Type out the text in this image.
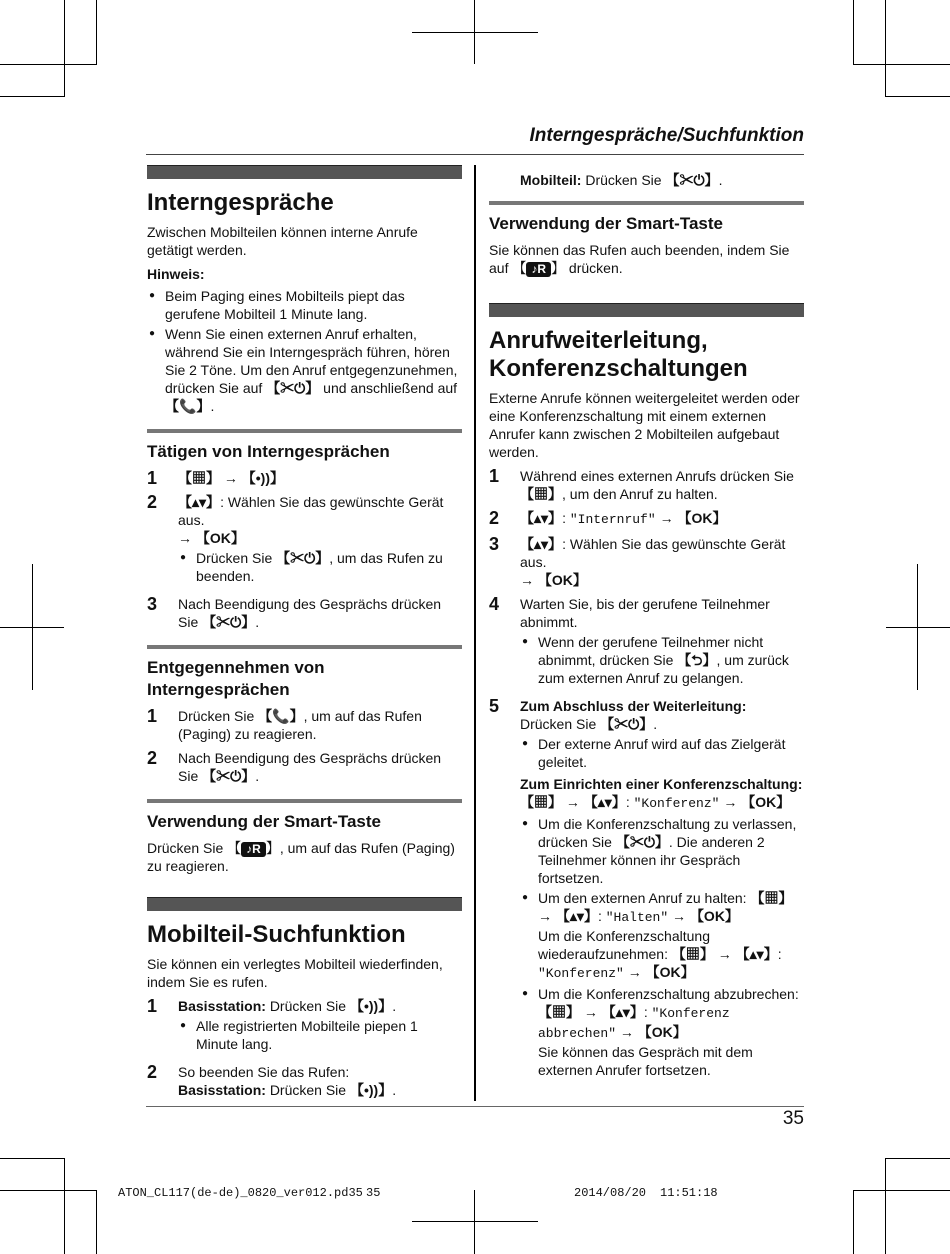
Interngespräche/Suchfunktion
Interngespräche

Zwischen Mobilteilen können interne Anrufe getätigt werden.

Hinweis:
● Beim Paging eines Mobilteils piept das gerufene Mobilteil 1 Minute lang.
● Wenn Sie einen externen Anruf erhalten, während Sie ein Interngespräch führen, hören Sie 2 Töne. Um den Anruf entgegenzunehmen, drücken Sie auf 【✂⏻】 und anschließend auf 【📞】.
Tätigen von Interngesprächen
1	【▦】 → 【•))】
2	【▴▾】: Wählen Sie das gewünschte Gerät aus.
→ 【OK】
● Drücken Sie 【✂⏻】, um das Rufen zu beenden.
3	Nach Beendigung des Gesprächs drücken Sie 【✂⏻】.
Entgegennehmen von Interngesprächen
1	Drücken Sie 【📞】, um auf das Rufen (Paging) zu reagieren.
2	Nach Beendigung des Gesprächs drücken Sie 【✂⏻】.
Verwendung der Smart-Taste

Drücken Sie 【 ♪R 】, um auf das Rufen (Paging) zu reagieren.

Mobilteil-Suchfunktion

Sie können ein verlegtes Mobilteil wiederfinden, indem Sie es rufen.

1	Basisstation: Drücken Sie 【•))】.
● Alle registrierten Mobilteile piepen 1 Minute lang.
2	So beenden Sie das Rufen:
Basisstation: Drücken Sie 【•))】.

Mobilteil: Drücken Sie 【✂⏻】.

Verwendung der Smart-Taste

Sie können das Rufen auch beenden, indem Sie auf 【 ♪R 】 drücken.

Anrufweiterleitung, Konferenzschaltungen

Externe Anrufe können weitergeleitet werden oder eine Konferenzschaltung mit einem externen Anrufer kann zwischen 2 Mobilteilen aufgebaut werden.

1	Während eines externen Anrufs drücken Sie 【▦】, um den Anruf zu halten.
2	【▴▾】: "Internruf" → 【OK】
3	【▴▾】: Wählen Sie das gewünschte Gerät aus.
→ 【OK】
4	Warten Sie, bis der gerufene Teilnehmer abnimmt.
● Wenn der gerufene Teilnehmer nicht abnimmt, drücken Sie 【⮌】, um zurück zum externen Anruf zu gelangen.
5	Zum Abschluss der Weiterleitung:
Drücken Sie 【✂⏻】.
● Der externe Anruf wird auf das Zielgerät geleitet.
Zum Einrichten einer Konferenzschaltung:
【▦】 → 【▴▾】: "Konferenz" → 【OK】
● Um die Konferenzschaltung zu verlassen, drücken Sie 【✂⏻】. Die anderen 2 Teilnehmer können ihr Gespräch fortsetzen.
● Um den externen Anruf zu halten: 【▦】 → 【▴▾】: "Halten" → 【OK】
Um die Konferenzschaltung wiederaufzunehmen: 【▦】 → 【▴▾】: "Konferenz" → 【OK】
● Um die Konferenzschaltung abzubrechen: 【▦】 → 【▴▾】: "Konferenz abbrechen" → 【OK】
Sie können das Gespräch mit dem externen Anrufer fortsetzen.
35
ATON_CL117(de-de)_0820_ver012.pd35 35	2014/08/20 11:51:18
